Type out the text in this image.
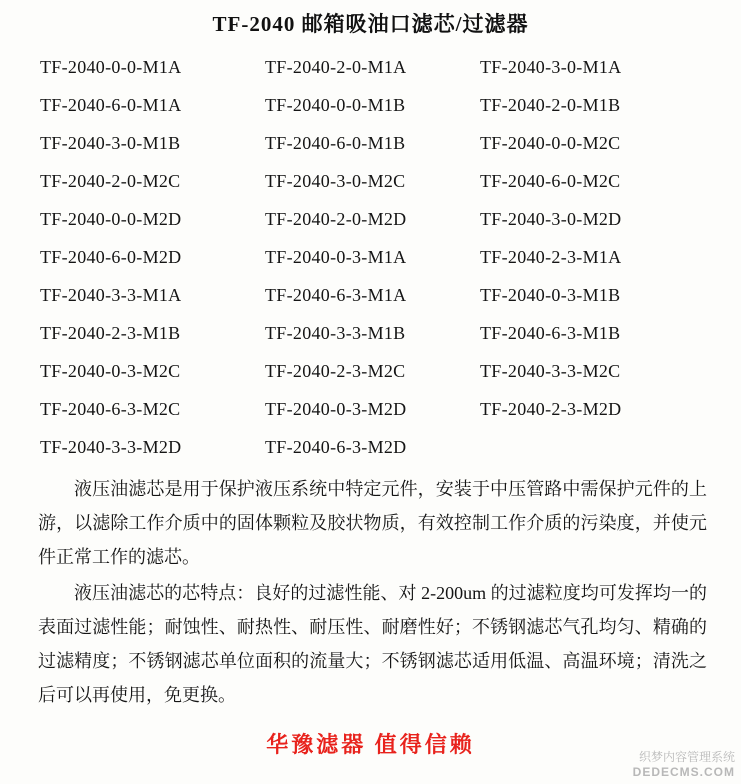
TF-2040 邮箱吸油口滤芯/过滤器
TF-2040-0-0-M1A	TF-2040-2-0-M1A	TF-2040-3-0-M1A
TF-2040-6-0-M1A	TF-2040-0-0-M1B	TF-2040-2-0-M1B
TF-2040-3-0-M1B	TF-2040-6-0-M1B	TF-2040-0-0-M2C
TF-2040-2-0-M2C	TF-2040-3-0-M2C	TF-2040-6-0-M2C
TF-2040-0-0-M2D	TF-2040-2-0-M2D	TF-2040-3-0-M2D
TF-2040-6-0-M2D	TF-2040-0-3-M1A	TF-2040-2-3-M1A
TF-2040-3-3-M1A	TF-2040-6-3-M1A	TF-2040-0-3-M1B
TF-2040-2-3-M1B	TF-2040-3-3-M1B	TF-2040-6-3-M1B
TF-2040-0-3-M2C	TF-2040-2-3-M2C	TF-2040-3-3-M2C
TF-2040-6-3-M2C	TF-2040-0-3-M2D	TF-2040-2-3-M2D
TF-2040-3-3-M2D	TF-2040-6-3-M2D

液压油滤芯是用于保护液压系统中特定元件，安装于中压管路中需保护元件的上游，以滤除工作介质中的固体颗粒及胶状物质，有效控制工作介质的污染度，并使元件正常工作的滤芯。

液压油滤芯的芯特点：良好的过滤性能、对 2-200um 的过滤粒度均可发挥均一的表面过滤性能；耐蚀性、耐热性、耐压性、耐磨性好；不锈钢滤芯气孔均匀、精确的过滤精度；不锈钢滤芯单位面积的流量大；不锈钢滤芯适用低温、高温环境；清洗之后可以再使用，免更换。

华豫滤器 值得信赖	织梦内容管理系统
DEDECMS.COM
